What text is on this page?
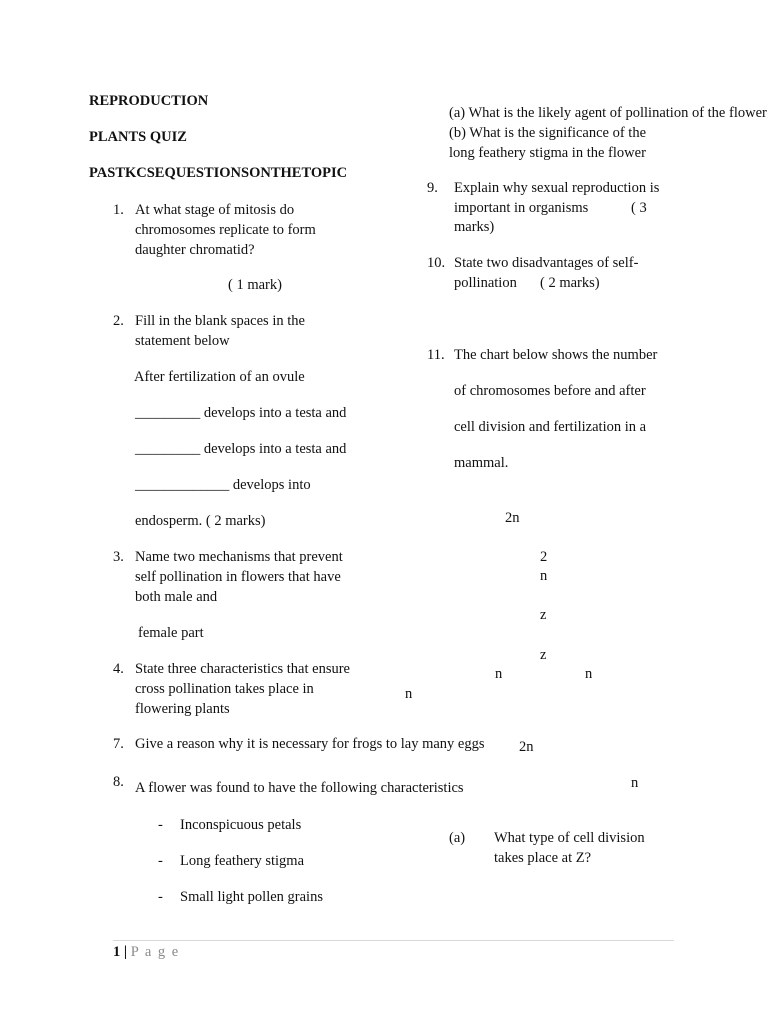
REPRODUCTION
PLANTS QUIZ
PASTKCSEQUESTIONSONTHETOPIC
1. At what stage of mitosis do
chromosomes replicate to form
daughter chromatid?
( 1 mark)
2. Fill in the blank spaces in the
statement below
After fertilization of an ovule
_________ develops into a testa and
_________ develops into a testa and
_____________ develops into
endosperm. ( 2 marks)
3. Name two mechanisms that prevent
self pollination in flowers that have
both male and
female part
4. State three characteristics that ensure
cross pollination takes place in
flowering plants
7. Give a reason why it is necessary for frogs to lay many eggs
8. A flower was found to have the following characteristics
- Inconspicuous petals
- Long feathery stigma
- Small light pollen grains
(a) What is the likely agent of pollination of the flower
(b) What is the significance of the
long feathery stigma in the flower
9. Explain why sexual reproduction is
important in organisms	( 3
marks)
10. State two disadvantages of self-
pollination ( 2 marks)
11. The chart below shows the number
of chromosomes before and after
cell division and fertilization in a
mammal.
2n
2
n
z
z
n	n
n
2n
n
(a) What type of cell division
takes place at Z?
1 | P a g e
